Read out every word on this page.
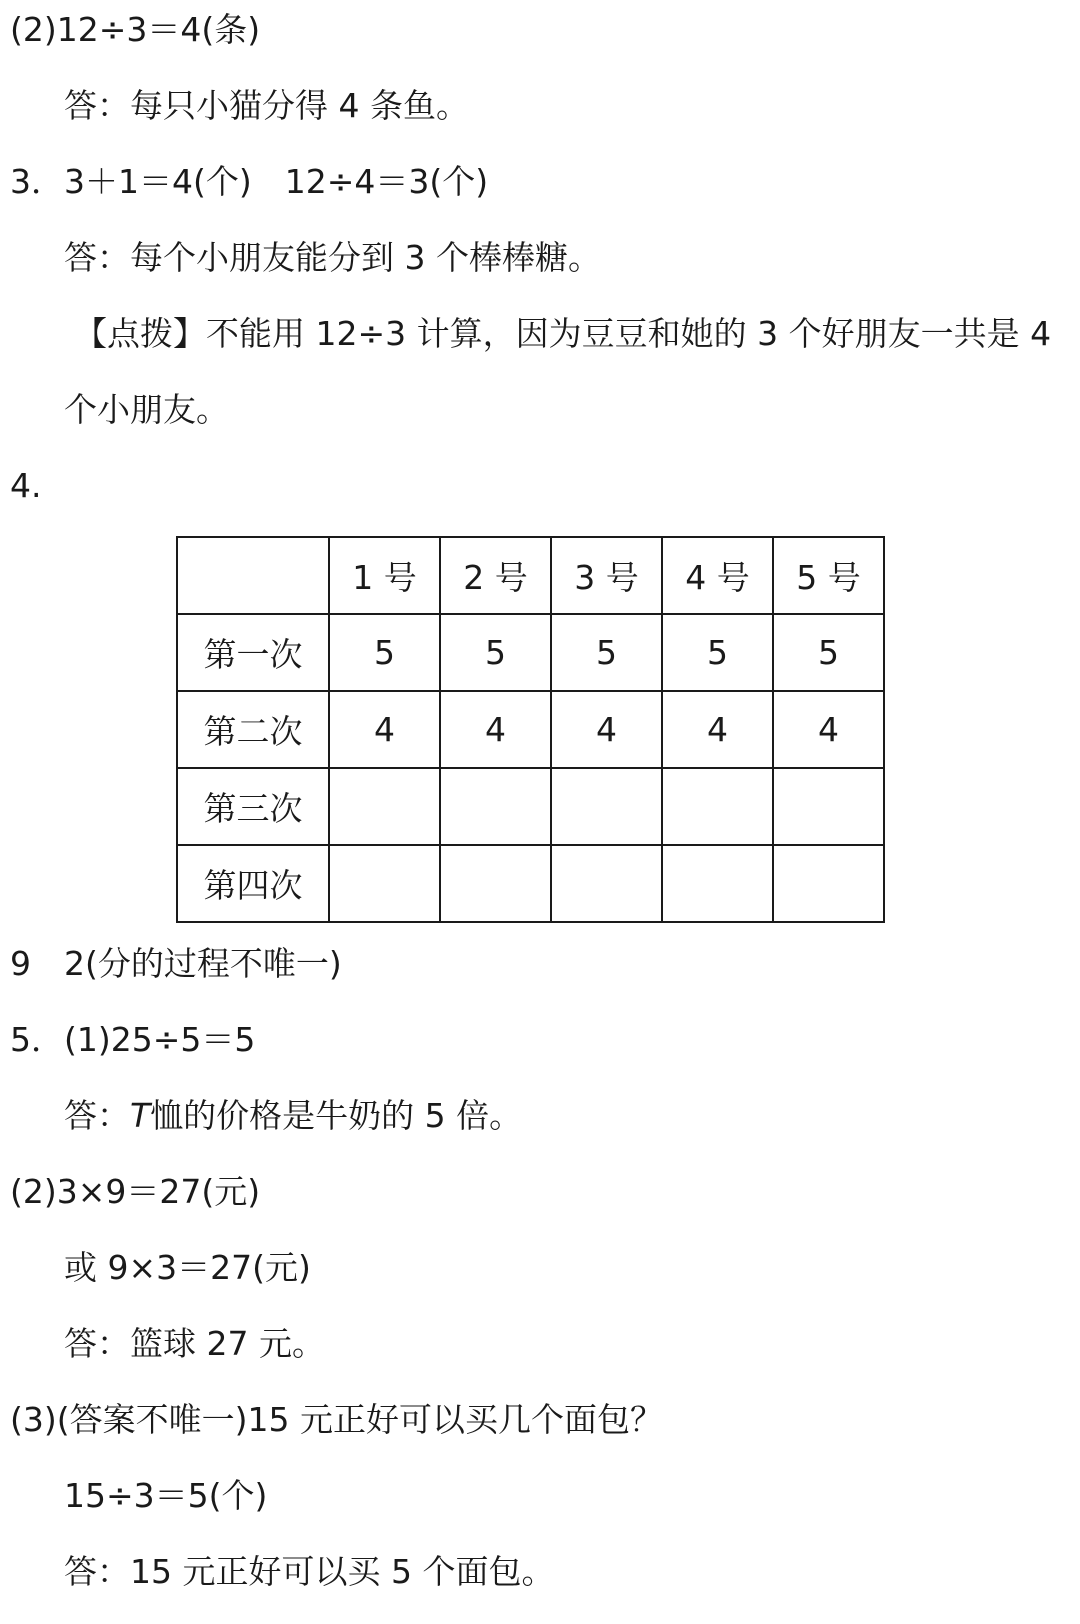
(2)12÷3＝4(条)
答：每只小猫分得 4 条鱼。
3．3＋1＝4(个)　12÷4＝3(个)
答：每个小朋友能分到 3 个棒棒糖。
【点拨】不能用 12÷3 计算，因为豆豆和她的 3 个好朋友一共是 4
个小朋友。
4.
	1 号	2 号	3 号	4 号	5 号
第一次	5	5	5	5	5
第二次	4	4	4	4	4
第三次					
第四次					
9　2(分的过程不唯一)
5．(1)25÷5＝5
答：T恤的价格是牛奶的 5 倍。
(2)3×9＝27(元)
或 9×3＝27(元)
答：篮球 27 元。
(3)(答案不唯一)15 元正好可以买几个面包？
15÷3＝5(个)
答：15 元正好可以买 5 个面包。
